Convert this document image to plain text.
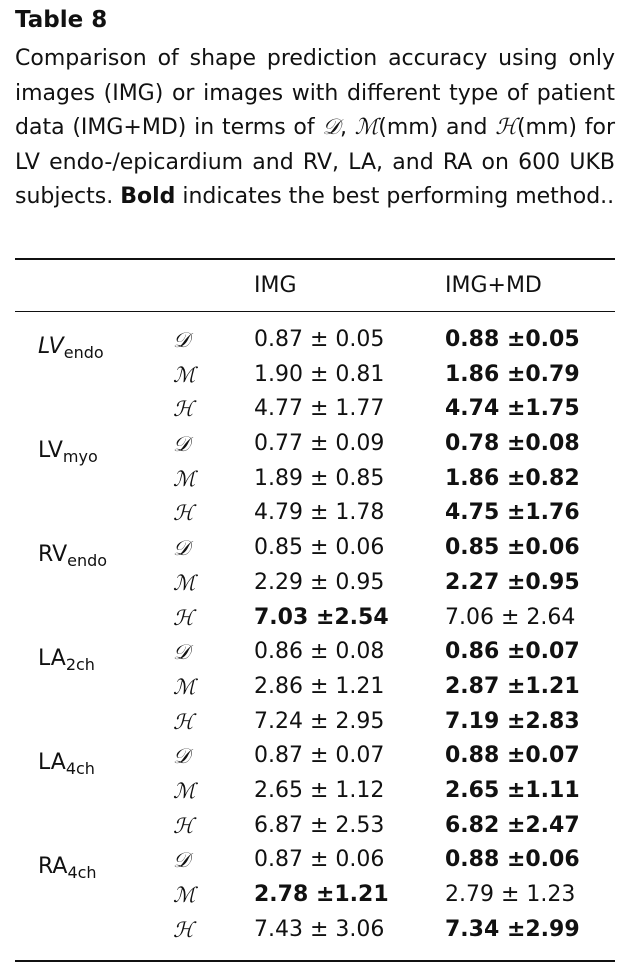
Table 8
Comparison of shape prediction accuracy using only images (IMG) or images with different type of patient data (IMG+MD) in terms of 𝒟, ℳ(mm) and ℋ(mm) for LV endo-/epicardium and RV, LA, and RA on 600 UKB subjects. Bold indicates the best performing method..
IMG	IMG+MD
$LV_{endo}$
𝒟	0.87 ± 0.05	0.88 ±0.05
ℳ	1.90 ± 0.81	1.86 ±0.79
ℋ	4.77 ± 1.77	4.74 ±1.75
$LV_{myo}$
𝒟	0.77 ± 0.09	0.78 ±0.08
ℳ	1.89 ± 0.85	1.86 ±0.82
ℋ	4.79 ± 1.78	4.75 ±1.76
$RV_{endo}$
𝒟	0.85 ± 0.06	0.85 ±0.06
ℳ	2.29 ± 0.95	2.27 ±0.95
ℋ	7.03 ±2.54	7.06 ± 2.64
$LA_{2ch}$
𝒟	0.86 ± 0.08	0.86 ±0.07
ℳ	2.86 ± 1.21	2.87 ±1.21
ℋ	7.24 ± 2.95	7.19 ±2.83
$LA_{4ch}$
𝒟	0.87 ± 0.07	0.88 ±0.07
ℳ	2.65 ± 1.12	2.65 ±1.11
ℋ	6.87 ± 2.53	6.82 ±2.47
$RA_{4ch}$
𝒟	0.87 ± 0.06	0.88 ±0.06
ℳ	2.78 ±1.21	2.79 ± 1.23
ℋ	7.43 ± 3.06	7.34 ±2.99
